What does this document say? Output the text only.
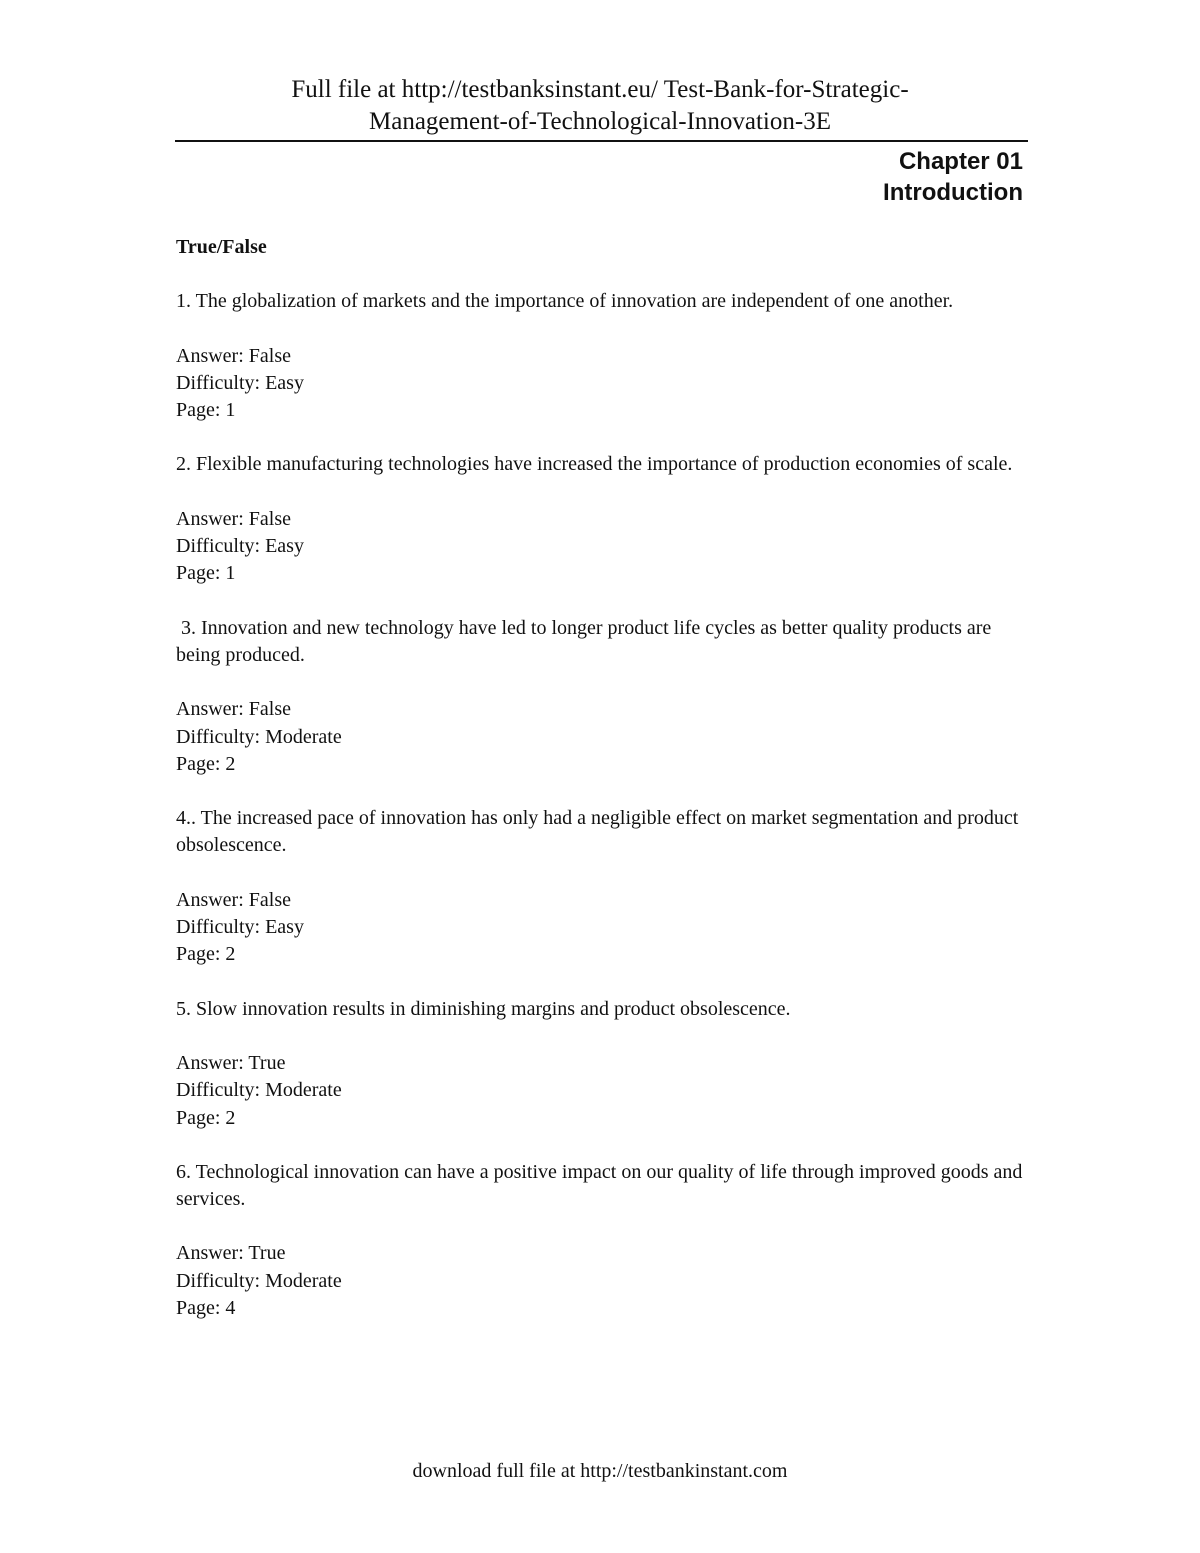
Full file at http://testbanksinstant.eu/ Test-Bank-for-Strategic-
Management-of-Technological-Innovation-3E
Chapter 01
Introduction
True/False
1. The globalization of markets and the importance of innovation are independent of one another.
Answer: False
Difficulty: Easy
Page: 1
2. Flexible manufacturing technologies have increased the importance of production economies of scale.
Answer: False
Difficulty: Easy
Page: 1
3. Innovation and new technology have led to longer product life cycles as better quality products are being produced.
Answer: False
Difficulty: Moderate
Page: 2
4.. The increased pace of innovation has only had a negligible effect on market segmentation and product obsolescence.
Answer: False
Difficulty: Easy
Page: 2
5. Slow innovation results in diminishing margins and product obsolescence.
Answer: True
Difficulty: Moderate
Page: 2
6. Technological innovation can have a positive impact on our quality of life through improved goods and services.
Answer: True
Difficulty: Moderate
Page: 4
download full file at http://testbankinstant.com
